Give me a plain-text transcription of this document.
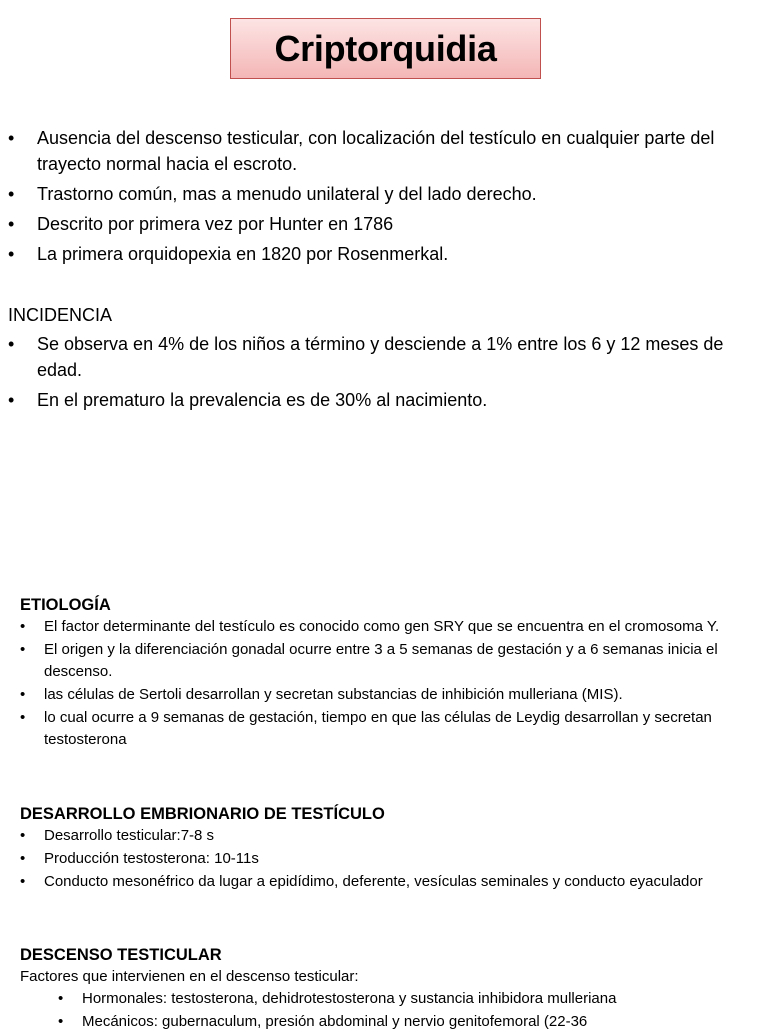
Criptorquidia
• Ausencia del descenso testicular, con localización del testículo en cualquier parte del trayecto normal hacia el escroto.
• Trastorno común, mas a menudo unilateral y del lado derecho.
• Descrito por primera vez por Hunter en 1786
• La primera orquidopexia en 1820 por Rosenmerkal.
INCIDENCIA
• Se observa en 4% de los niños a término y desciende a 1% entre los 6 y 12 meses de edad.
• En el prematuro la prevalencia es de 30% al nacimiento.
ETIOLOGÍA
• El factor determinante del testículo es conocido como gen SRY que se encuentra en el cromosoma Y.
• El origen y la diferenciación gonadal ocurre entre 3 a 5 semanas de gestación y a 6 semanas inicia el descenso.
• las células de Sertoli desarrollan y secretan substancias de inhibición mulleriana (MIS).
• lo cual ocurre a 9 semanas de gestación, tiempo en que las células de Leydig desarrollan y secretan testosterona
DESARROLLO EMBRIONARIO DE TESTÍCULO
• Desarrollo testicular:7-8 s
• Producción testosterona: 10-11s
• Conducto mesonéfrico da lugar a epidídimo, deferente, vesículas seminales y conducto eyaculador
DESCENSO TESTICULAR

Factores que intervienen en el descenso testicular:

• Hormonales: testosterona, dehidrotestosterona y sustancia inhibidora mulleriana
• Mecánicos: gubernaculum, presión abdominal y nervio genitofemoral (22-36
